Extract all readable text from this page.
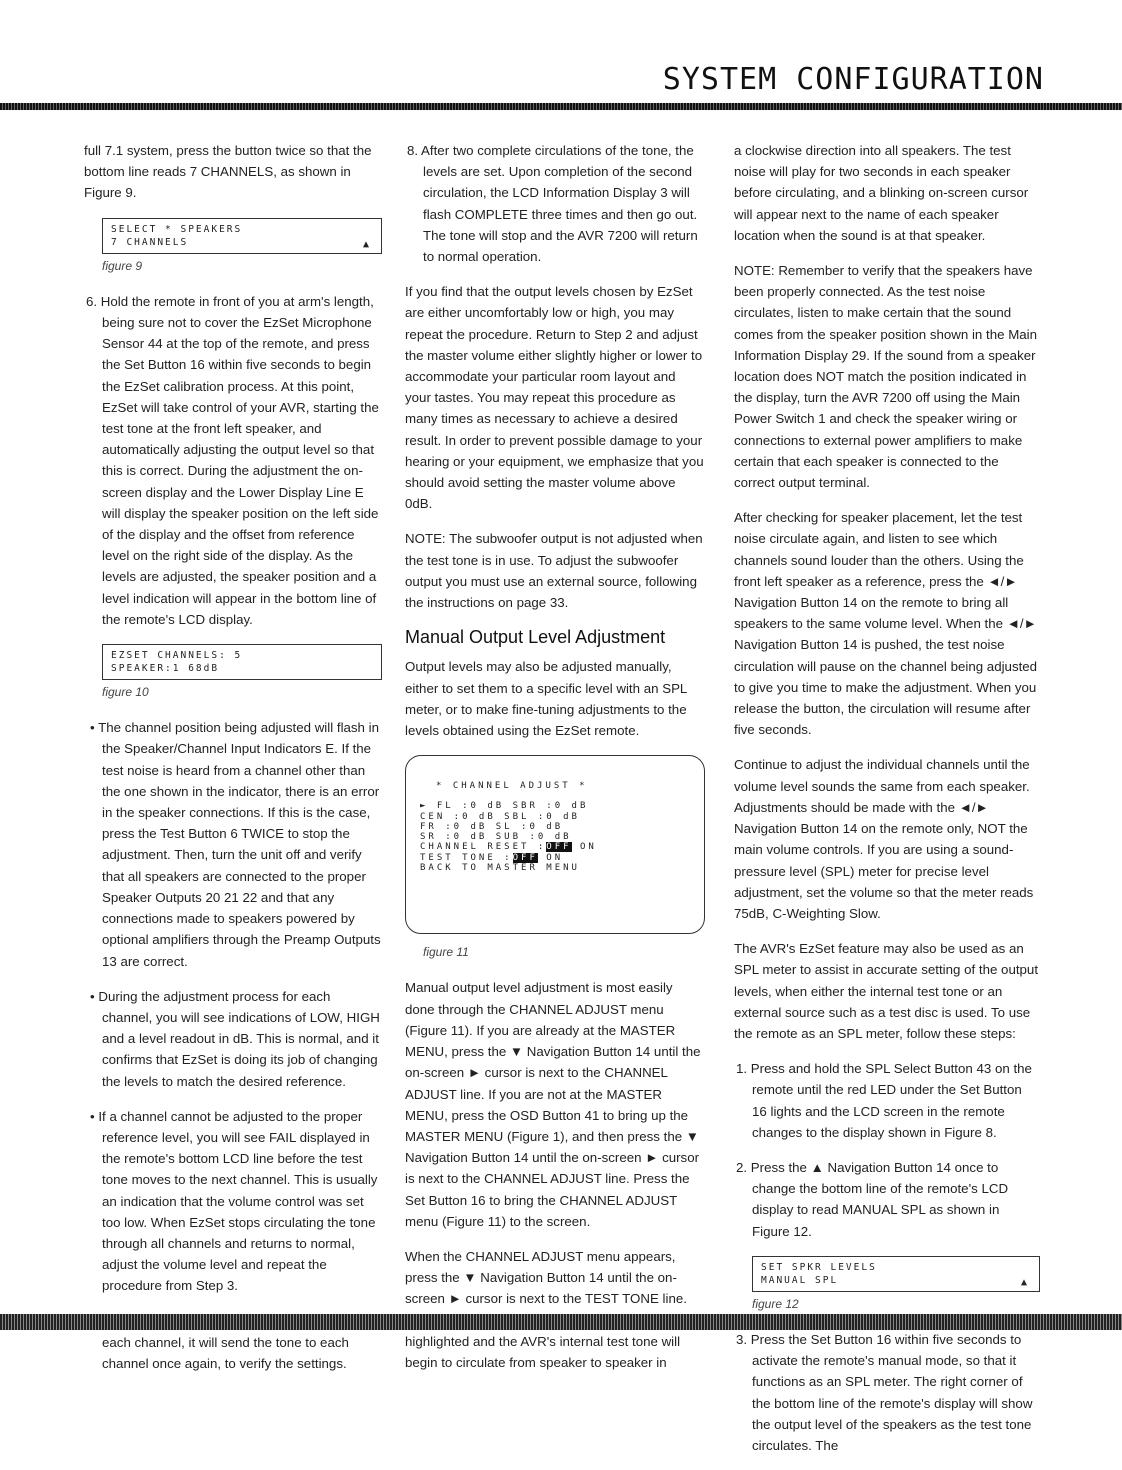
SYSTEM CONFIGURATION

full 7.1 system, press the button twice so that the bottom line reads 7 CHANNELS, as shown in Figure 9.

SELECT * SPEAKERS
7 CHANNELS	▲
figure 9

6. Hold the remote in front of you at arm's length, being sure not to cover the EzSet Microphone Sensor 44 at the top of the remote, and press the Set Button 16 within five seconds to begin the EzSet calibration process. At this point, EzSet will take control of your AVR, starting the test tone at the front left speaker, and automatically adjusting the output level so that this is correct. During the adjustment the on-screen display and the Lower Display Line E will display the speaker position on the left side of the display and the offset from reference level on the right side of the display. As the levels are adjusted, the speaker position and a level indication will appear in the bottom line of the remote's LCD display.

EZSET CHANNELS: 5
SPEAKER:1 68dB
figure 10

• The channel position being adjusted will flash in the Speaker/Channel Input Indicators E. If the test noise is heard from a channel other than the one shown in the indicator, there is an error in the speaker connections. If this is the case, press the Test Button 6 TWICE to stop the adjustment. Then, turn the unit off and verify that all speakers are connected to the proper Speaker Outputs 20 21 22 and that any connections made to speakers powered by optional amplifiers through the Preamp Outputs 13 are correct.

• During the adjustment process for each channel, you will see indications of LOW, HIGH and a level readout in dB. This is normal, and it confirms that EzSet is doing its job of changing the levels to match the desired reference.

• If a channel cannot be adjusted to the proper reference level, you will see FAIL displayed in the remote's bottom LCD line before the test tone moves to the next channel. This is usually an indication that the volume control was set too low. When EzSet stops circulating the tone through all channels and returns to normal, adjust the volume level and repeat the procedure from Step 3.

each channel, it will send the tone to each channel once again, to verify the settings.

8. After two complete circulations of the tone, the levels are set. Upon completion of the second circulation, the LCD Information Display 3 will flash COMPLETE three times and then go out. The tone will stop and the AVR 7200 will return to normal operation.

If you find that the output levels chosen by EzSet are either uncomfortably low or high, you may repeat the procedure. Return to Step 2 and adjust the master volume either slightly higher or lower to accommodate your particular room layout and your tastes. You may repeat this procedure as many times as necessary to achieve a desired result. In order to prevent possible damage to your hearing or your equipment, we emphasize that you should avoid setting the master volume above 0dB.

NOTE: The subwoofer output is not adjusted when the test tone is in use. To adjust the subwoofer output you must use an external source, following the instructions on page 33.

Manual Output Level Adjustment

Output levels may also be adjusted manually, either to set them to a specific level with an SPL meter, or to make fine-tuning adjustments to the levels obtained using the EzSet remote.

* CHANNEL ADJUST *
► FL :0 dB SBR :0 dB
CEN :0 dB SBL :0 dB
FR :0 dB SL :0 dB
SR :0 dB SUB :0 dB
CHANNEL RESET :OFF ON
TEST TONE :OFF ON
BACK TO MASTER MENU
figure 11

Manual output level adjustment is most easily done through the CHANNEL ADJUST menu (Figure 11). If you are already at the MASTER MENU, press the ▼ Navigation Button 14 until the on-screen ► cursor is next to the CHANNEL ADJUST line. If you are not at the MASTER MENU, press the OSD Button 41 to bring up the MASTER MENU (Figure 1), and then press the ▼ Navigation Button 14 until the on-screen ► cursor is next to the CHANNEL ADJUST line. Press the Set Button 16 to bring the CHANNEL ADJUST menu (Figure 11) to the screen.

When the CHANNEL ADJUST menu appears, press the ▼ Navigation Button 14 until the on-screen ► cursor is next to the TEST TONE line. highlighted and the AVR's internal test tone will begin to circulate from speaker to speaker in

a clockwise direction into all speakers. The test noise will play for two seconds in each speaker before circulating, and a blinking on-screen cursor will appear next to the name of each speaker location when the sound is at that speaker.

NOTE: Remember to verify that the speakers have been properly connected. As the test noise circulates, listen to make certain that the sound comes from the speaker position shown in the Main Information Display 29. If the sound from a speaker location does NOT match the position indicated in the display, turn the AVR 7200 off using the Main Power Switch 1 and check the speaker wiring or connections to external power amplifiers to make certain that each speaker is connected to the correct output terminal.

After checking for speaker placement, let the test noise circulate again, and listen to see which channels sound louder than the others. Using the front left speaker as a reference, press the ◄/► Navigation Button 14 on the remote to bring all speakers to the same volume level. When the ◄/► Navigation Button 14 is pushed, the test noise circulation will pause on the channel being adjusted to give you time to make the adjustment. When you release the button, the circulation will resume after five seconds.

Continue to adjust the individual channels until the volume level sounds the same from each speaker. Adjustments should be made with the ◄/► Navigation Button 14 on the remote only, NOT the main volume controls. If you are using a sound-pressure level (SPL) meter for precise level adjustment, set the volume so that the meter reads 75dB, C-Weighting Slow.

The AVR's EzSet feature may also be used as an SPL meter to assist in accurate setting of the output levels, when either the internal test tone or an external source such as a test disc is used. To use the remote as an SPL meter, follow these steps:

1. Press and hold the SPL Select Button 43 on the remote until the red LED under the Set Button 16 lights and the LCD screen in the remote changes to the display shown in Figure 8.

2. Press the ▲ Navigation Button 14 once to change the bottom line of the remote's LCD display to read MANUAL SPL as shown in Figure 12.

SET SPKR LEVELS
MANUAL SPL	▲
figure 12

3. Press the Set Button 16 within five seconds to activate the remote's manual mode, so that it functions as an SPL meter. The right corner of the bottom line of the remote's display will show the output level of the speakers as the test tone circulates. The
